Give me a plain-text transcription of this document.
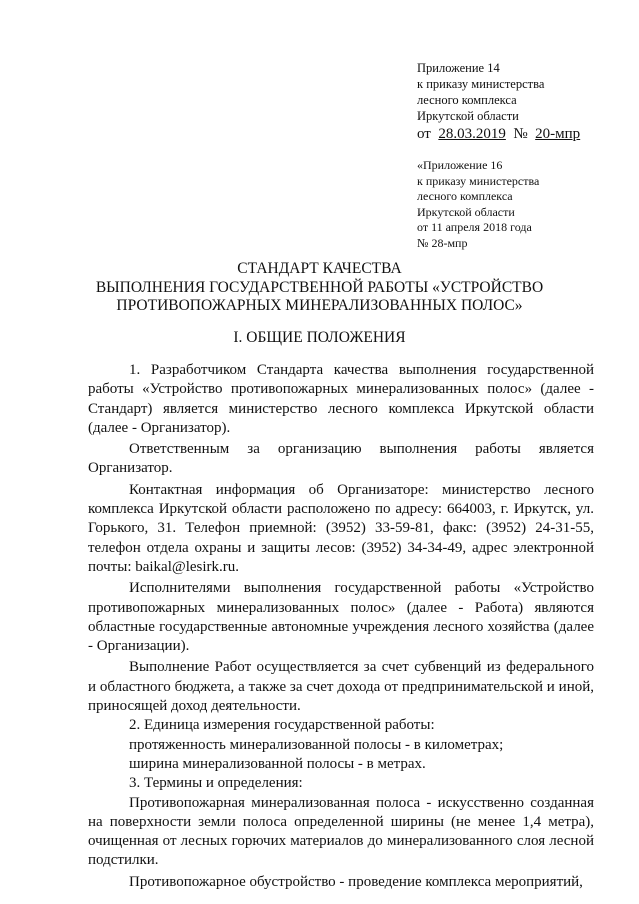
Приложение 14
к приказу министерства
лесного комплекса
Иркутской области
от 28.03.2019 № 20-мпр
«Приложение 16
к приказу министерства
лесного комплекса
Иркутской области
от 11 апреля 2018 года
№ 28-мпр
СТАНДАРТ КАЧЕСТВА
ВЫПОЛНЕНИЯ ГОСУДАРСТВЕННОЙ РАБОТЫ «УСТРОЙСТВО
ПРОТИВОПОЖАРНЫХ МИНЕРАЛИЗОВАННЫХ ПОЛОС»
I. ОБЩИЕ ПОЛОЖЕНИЯ

1. Разработчиком Стандарта качества выполнения государственной работы «Устройство противопожарных минерализованных полос» (далее - Стандарт) является министерство лесного комплекса Иркутской области (далее - Организатор).

Ответственным за организацию выполнения работы является Организатор.

Контактная информация об Организаторе: министерство лесного комплекса Иркутской области расположено по адресу: 664003, г. Иркутск, ул. Горького, 31. Телефон приемной: (3952) 33-59-81, факс: (3952) 24-31-55, телефон отдела охраны и защиты лесов: (3952) 34-34-49, адрес электронной почты: baikal@lesirk.ru.

Исполнителями выполнения государственной работы «Устройство противопожарных минерализованных полос» (далее - Работа) являются областные государственные автономные учреждения лесного хозяйства (далее - Организации).

Выполнение Работ осуществляется за счет субвенций из федерального и областного бюджета, а также за счет дохода от предпринимательской и иной, приносящей доход деятельности.

2. Единица измерения государственной работы:

протяженность минерализованной полосы - в километрах;

ширина минерализованной полосы - в метрах.

3. Термины и определения:

Противопожарная минерализованная полоса - искусственно созданная на поверхности земли полоса определенной ширины (не менее 1,4 метра), очищенная от лесных горючих материалов до минерализованного слоя лесной подстилки.

Противопожарное обустройство - проведение комплекса мероприятий,
